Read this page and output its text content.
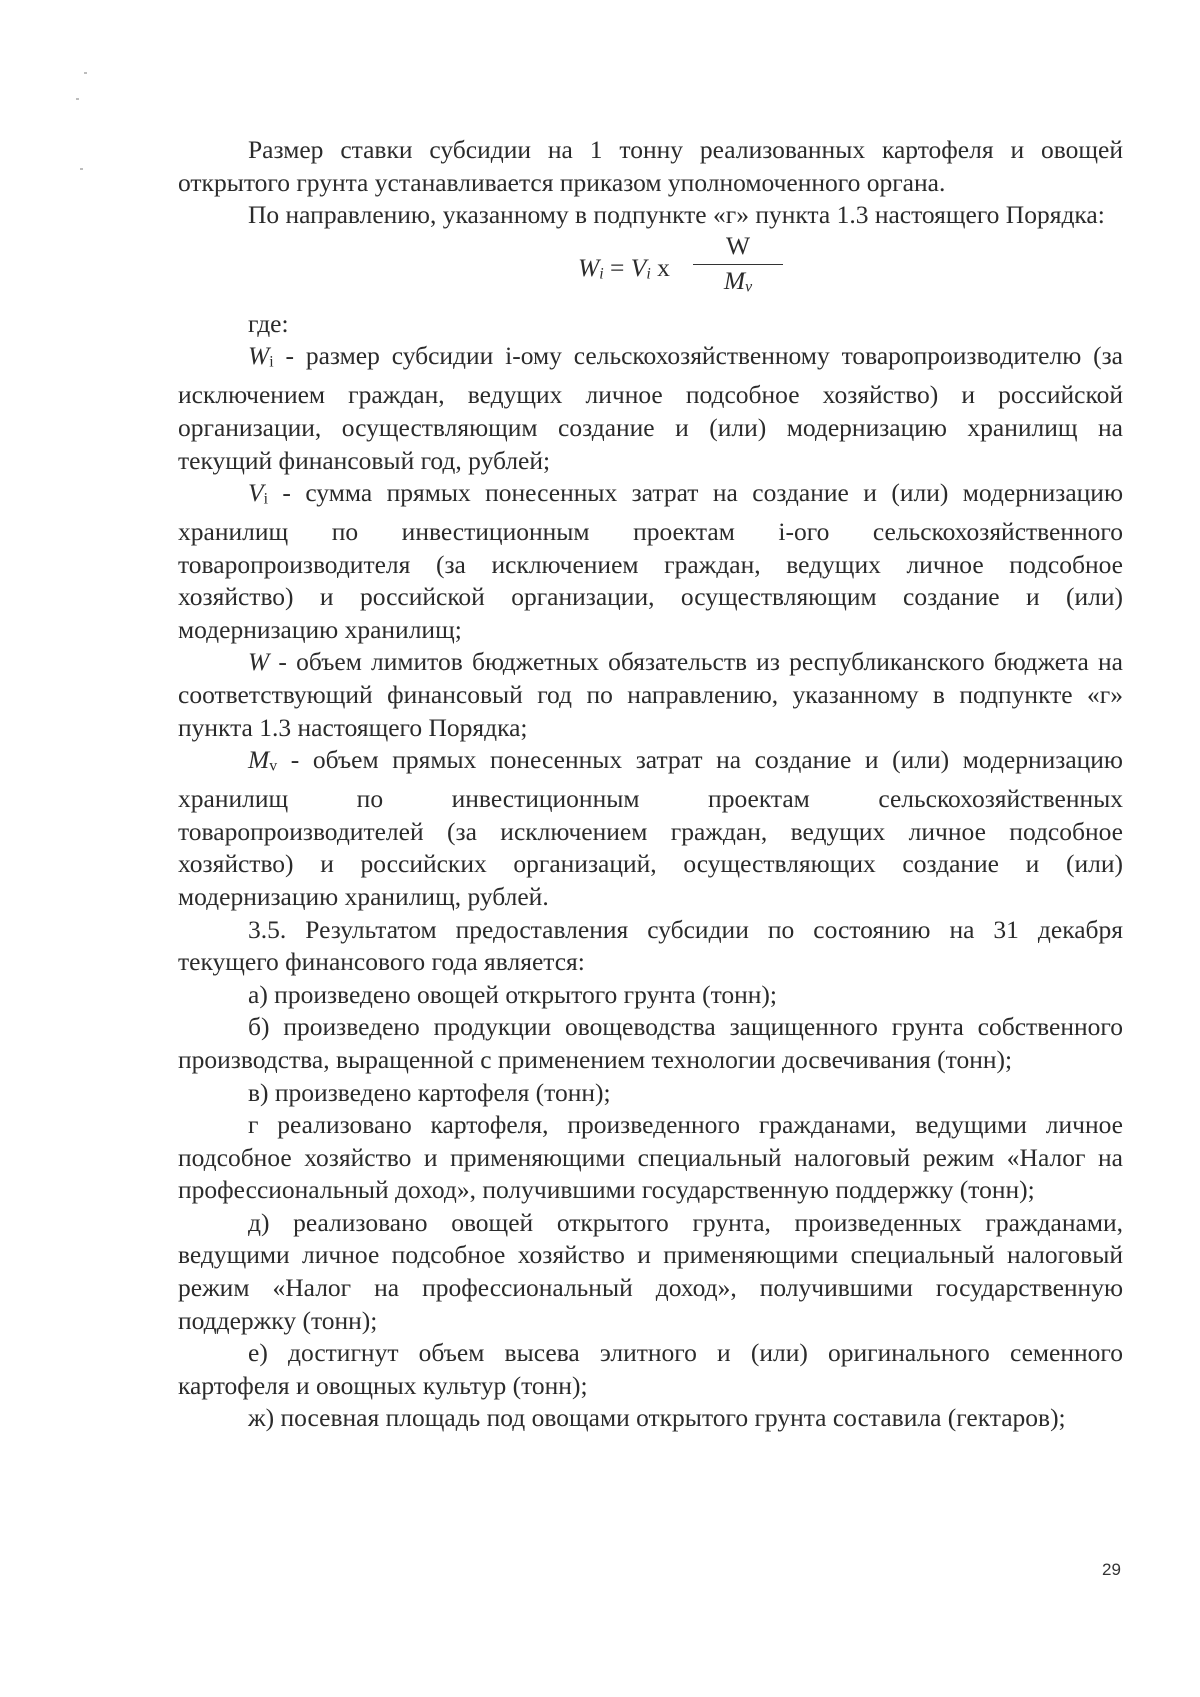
Размер ставки субсидии на 1 тонну реализованных картофеля и овощей открытого грунта устанавливается приказом уполномоченного органа.

По направлению, указанному в подпункте «г» пункта 1.3 настоящего Порядка:

$W_i = V_i$ x
W
$M_v$

где:

$W_i$ - размер субсидии i-ому сельскохозяйственному товаропроизводителю (за исключением граждан, ведущих личное подсобное хозяйство) и российской организации, осуществляющим создание и (или) модернизацию хранилищ на текущий финансовый год, рублей;

$V_i$ - сумма прямых понесенных затрат на создание и (или) модернизацию хранилищ по инвестиционным проектам i-ого сельскохозяйственного товаропроизводителя (за исключением граждан, ведущих личное подсобное хозяйство) и российской организации, осуществляющим создание и (или) модернизацию хранилищ;

W - объем лимитов бюджетных обязательств из республиканского бюджета на соответствующий финансовый год по направлению, указанному в подпункте «г» пункта 1.3 настоящего Порядка;

$M_v$ - объем прямых понесенных затрат на создание и (или) модернизацию хранилищ по инвестиционным проектам сельскохозяйственных товаропроизводителей (за исключением граждан, ведущих личное подсобное хозяйство) и российских организаций, осуществляющих создание и (или) модернизацию хранилищ, рублей.

3.5. Результатом предоставления субсидии по состоянию на 31 декабря текущего финансового года является:

а) произведено овощей открытого грунта (тонн);

б) произведено продукции овощеводства защищенного грунта собственного производства, выращенной с применением технологии досвечивания (тонн);

в) произведено картофеля (тонн);

г реализовано картофеля, произведенного гражданами, ведущими личное подсобное хозяйство и применяющими специальный налоговый режим «Налог на профессиональный доход», получившими государственную поддержку (тонн);

д) реализовано овощей открытого грунта, произведенных гражданами, ведущими личное подсобное хозяйство и применяющими специальный налоговый режим «Налог на профессиональный доход», получившими государственную поддержку (тонн);

е) достигнут объем высева элитного и (или) оригинального семенного картофеля и овощных культур (тонн);

ж) посевная площадь под овощами открытого грунта составила (гектаров);

29
